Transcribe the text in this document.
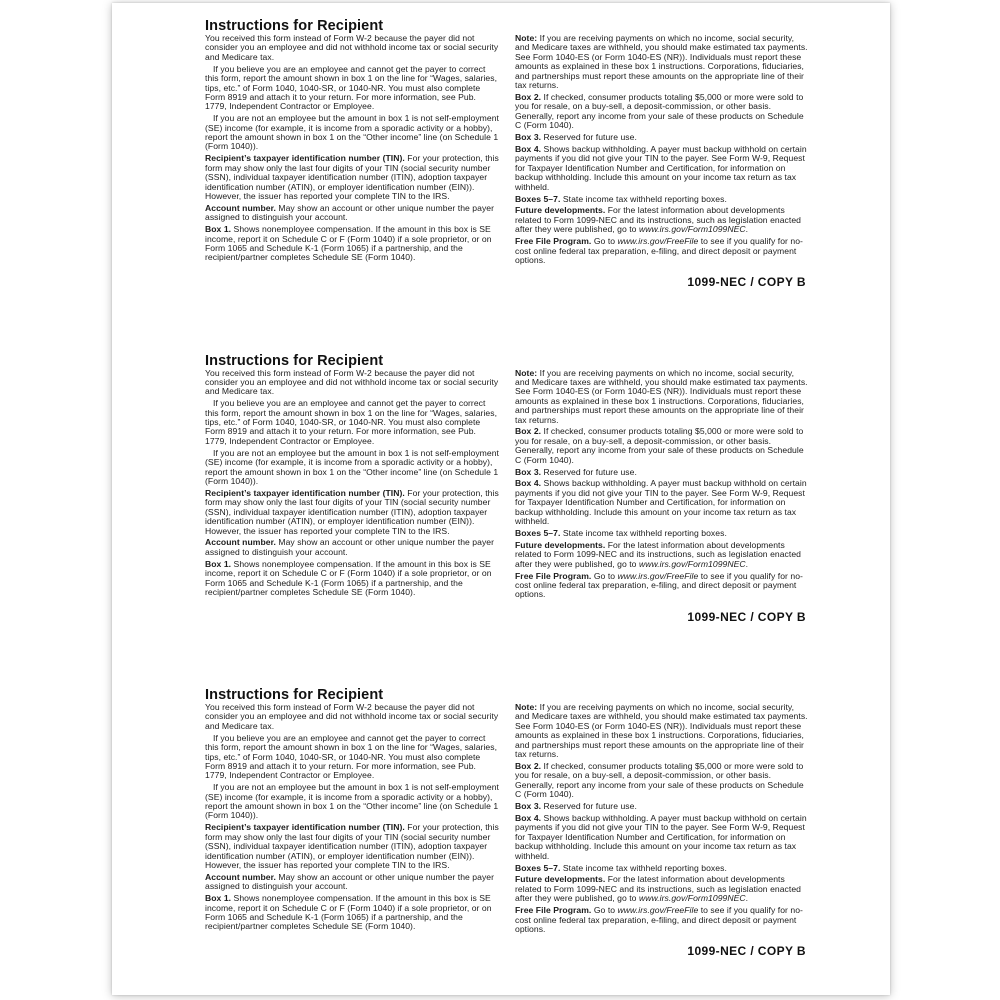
Instructions for Recipient

You received this form instead of Form W-2 because the payer did not consider you an employee and did not withhold income tax or social security and Medicare tax.

If you believe you are an employee and cannot get the payer to correct this form, report the amount shown in box 1 on the line for “Wages, salaries, tips, etc.” of Form 1040, 1040-SR, or 1040-NR. You must also complete Form 8919 and attach it to your return. For more information, see Pub. 1779, Independent Contractor or Employee.

If you are not an employee but the amount in box 1 is not self-employment (SE) income (for example, it is income from a sporadic activity or a hobby), report the amount shown in box 1 on the “Other income” line (on Schedule 1 (Form 1040)).

Recipient’s taxpayer identification number (TIN). For your protection, this form may show only the last four digits of your TIN (social security number (SSN), individual taxpayer identification number (ITIN), adoption taxpayer identification number (ATIN), or employer identification number (EIN)). However, the issuer has reported your complete TIN to the IRS.

Account number. May show an account or other unique number the payer assigned to distinguish your account.

Box 1. Shows nonemployee compensation. If the amount in this box is SE income, report it on Schedule C or F (Form 1040) if a sole proprietor, or on Form 1065 and Schedule K-1 (Form 1065) if a partnership, and the recipient/partner completes Schedule SE (Form 1040).

Note: If you are receiving payments on which no income, social security, and Medicare taxes are withheld, you should make estimated tax payments. See Form 1040-ES (or Form 1040-ES (NR)). Individuals must report these amounts as explained in these box 1 instructions. Corporations, fiduciaries, and partnerships must report these amounts on the appropriate line of their tax returns.

Box 2. If checked, consumer products totaling $5,000 or more were sold to you for resale, on a buy-sell, a deposit-commission, or other basis. Generally, report any income from your sale of these products on Schedule C (Form 1040).

Box 3. Reserved for future use.

Box 4. Shows backup withholding. A payer must backup withhold on certain payments if you did not give your TIN to the payer. See Form W-9, Request for Taxpayer Identification Number and Certification, for information on backup withholding. Include this amount on your income tax return as tax withheld.

Boxes 5–7. State income tax withheld reporting boxes.

Future developments. For the latest information about developments related to Form 1099-NEC and its instructions, such as legislation enacted after they were published, go to www.irs.gov/Form1099NEC.

Free File Program. Go to www.irs.gov/FreeFile to see if you qualify for no-cost online federal tax preparation, e-filing, and direct deposit or payment options.

1099-NEC / COPY B
Instructions for Recipient

You received this form instead of Form W-2 because the payer did not consider you an employee and did not withhold income tax or social security and Medicare tax.

If you believe you are an employee and cannot get the payer to correct this form, report the amount shown in box 1 on the line for “Wages, salaries, tips, etc.” of Form 1040, 1040-SR, or 1040-NR. You must also complete Form 8919 and attach it to your return. For more information, see Pub. 1779, Independent Contractor or Employee.

If you are not an employee but the amount in box 1 is not self-employment (SE) income (for example, it is income from a sporadic activity or a hobby), report the amount shown in box 1 on the “Other income” line (on Schedule 1 (Form 1040)).

Recipient’s taxpayer identification number (TIN). For your protection, this form may show only the last four digits of your TIN (social security number (SSN), individual taxpayer identification number (ITIN), adoption taxpayer identification number (ATIN), or employer identification number (EIN)). However, the issuer has reported your complete TIN to the IRS.

Account number. May show an account or other unique number the payer assigned to distinguish your account.

Box 1. Shows nonemployee compensation. If the amount in this box is SE income, report it on Schedule C or F (Form 1040) if a sole proprietor, or on Form 1065 and Schedule K-1 (Form 1065) if a partnership, and the recipient/partner completes Schedule SE (Form 1040).

Note: If you are receiving payments on which no income, social security, and Medicare taxes are withheld, you should make estimated tax payments. See Form 1040-ES (or Form 1040-ES (NR)). Individuals must report these amounts as explained in these box 1 instructions. Corporations, fiduciaries, and partnerships must report these amounts on the appropriate line of their tax returns.

Box 2. If checked, consumer products totaling $5,000 or more were sold to you for resale, on a buy-sell, a deposit-commission, or other basis. Generally, report any income from your sale of these products on Schedule C (Form 1040).

Box 3. Reserved for future use.

Box 4. Shows backup withholding. A payer must backup withhold on certain payments if you did not give your TIN to the payer. See Form W-9, Request for Taxpayer Identification Number and Certification, for information on backup withholding. Include this amount on your income tax return as tax withheld.

Boxes 5–7. State income tax withheld reporting boxes.

Future developments. For the latest information about developments related to Form 1099-NEC and its instructions, such as legislation enacted after they were published, go to www.irs.gov/Form1099NEC.

Free File Program. Go to www.irs.gov/FreeFile to see if you qualify for no-cost online federal tax preparation, e-filing, and direct deposit or payment options.

1099-NEC / COPY B
Instructions for Recipient

You received this form instead of Form W-2 because the payer did not consider you an employee and did not withhold income tax or social security and Medicare tax.

If you believe you are an employee and cannot get the payer to correct this form, report the amount shown in box 1 on the line for “Wages, salaries, tips, etc.” of Form 1040, 1040-SR, or 1040-NR. You must also complete Form 8919 and attach it to your return. For more information, see Pub. 1779, Independent Contractor or Employee.

If you are not an employee but the amount in box 1 is not self-employment (SE) income (for example, it is income from a sporadic activity or a hobby), report the amount shown in box 1 on the “Other income” line (on Schedule 1 (Form 1040)).

Recipient’s taxpayer identification number (TIN). For your protection, this form may show only the last four digits of your TIN (social security number (SSN), individual taxpayer identification number (ITIN), adoption taxpayer identification number (ATIN), or employer identification number (EIN)). However, the issuer has reported your complete TIN to the IRS.

Account number. May show an account or other unique number the payer assigned to distinguish your account.

Box 1. Shows nonemployee compensation. If the amount in this box is SE income, report it on Schedule C or F (Form 1040) if a sole proprietor, or on Form 1065 and Schedule K-1 (Form 1065) if a partnership, and the recipient/partner completes Schedule SE (Form 1040).

Note: If you are receiving payments on which no income, social security, and Medicare taxes are withheld, you should make estimated tax payments. See Form 1040-ES (or Form 1040-ES (NR)). Individuals must report these amounts as explained in these box 1 instructions. Corporations, fiduciaries, and partnerships must report these amounts on the appropriate line of their tax returns.

Box 2. If checked, consumer products totaling $5,000 or more were sold to you for resale, on a buy-sell, a deposit-commission, or other basis. Generally, report any income from your sale of these products on Schedule C (Form 1040).

Box 3. Reserved for future use.

Box 4. Shows backup withholding. A payer must backup withhold on certain payments if you did not give your TIN to the payer. See Form W-9, Request for Taxpayer Identification Number and Certification, for information on backup withholding. Include this amount on your income tax return as tax withheld.

Boxes 5–7. State income tax withheld reporting boxes.

Future developments. For the latest information about developments related to Form 1099-NEC and its instructions, such as legislation enacted after they were published, go to www.irs.gov/Form1099NEC.

Free File Program. Go to www.irs.gov/FreeFile to see if you qualify for no-cost online federal tax preparation, e-filing, and direct deposit or payment options.

1099-NEC / COPY B
